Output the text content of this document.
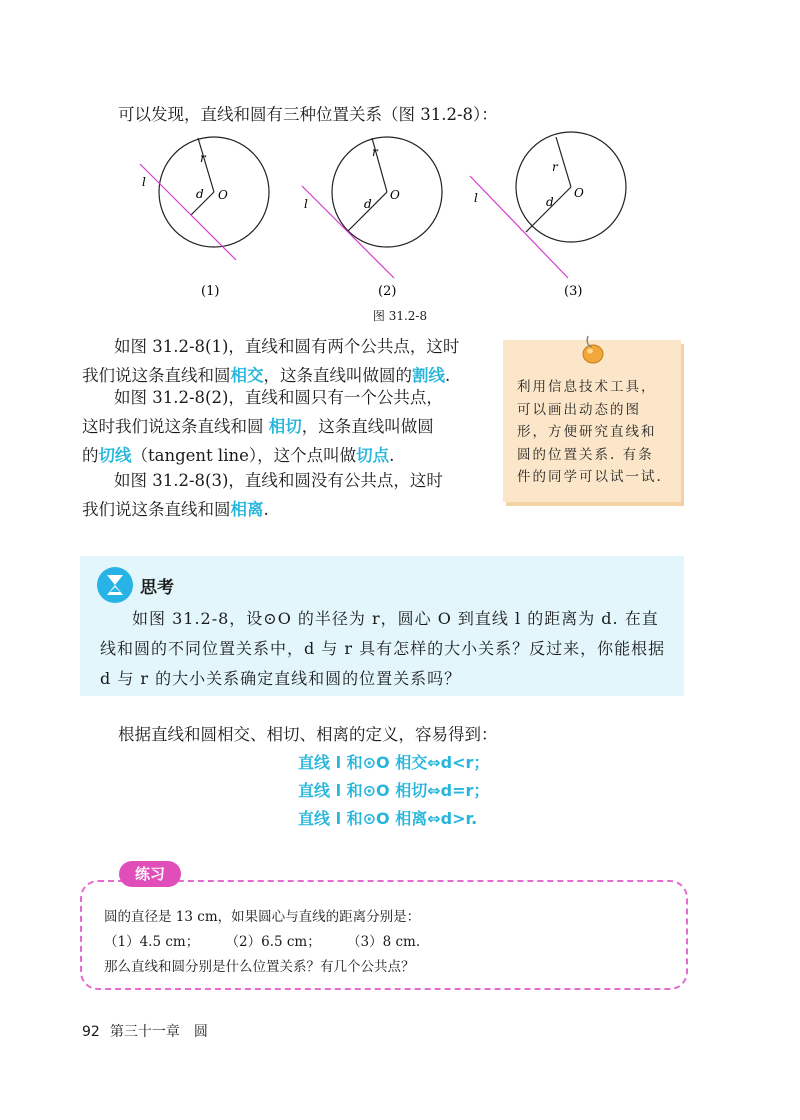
可以发现，直线和圆有三种位置关系（图 31.2-8）：
r
d O
l
r
d
O
l
r
d
O
l
(1)	(2)	(3)
图 31.2-8
如图 31.2-8(1)，直线和圆有两个公共点，这时
我们说这条直线和圆相交，这条直线叫做圆的割线.
如图 31.2-8(2)，直线和圆只有一个公共点，
这时我们说这条直线和圆 相切，这条直线叫做圆
的切线（tangent line），这个点叫做切点.
如图 31.2-8(3)，直线和圆没有公共点，这时
我们说这条直线和圆相离.
利用信息技术工具，可以画出动态的图形，方便研究直线和圆的位置关系. 有条件的同学可以试一试.
思考
如图 31.2-8，设⊙O 的半径为 r，圆心 O 到直线 l 的距离为 d. 在直线和圆的不同位置关系中，d 与 r 具有怎样的大小关系？反过来，你能根据 d 与 r 的大小关系确定直线和圆的位置关系吗？
根据直线和圆相交、相切、相离的定义，容易得到：
直线 l 和⊙O 相交⇔d<r；
直线 l 和⊙O 相切⇔d=r；
直线 l 和⊙O 相离⇔d>r.
练习
圆的直径是 13 cm，如果圆心与直线的距离分别是：
（1）4.5 cm； （2）6.5 cm； （3）8 cm.
那么直线和圆分别是什么位置关系？有几个公共点？
92 第三十一章　圆
